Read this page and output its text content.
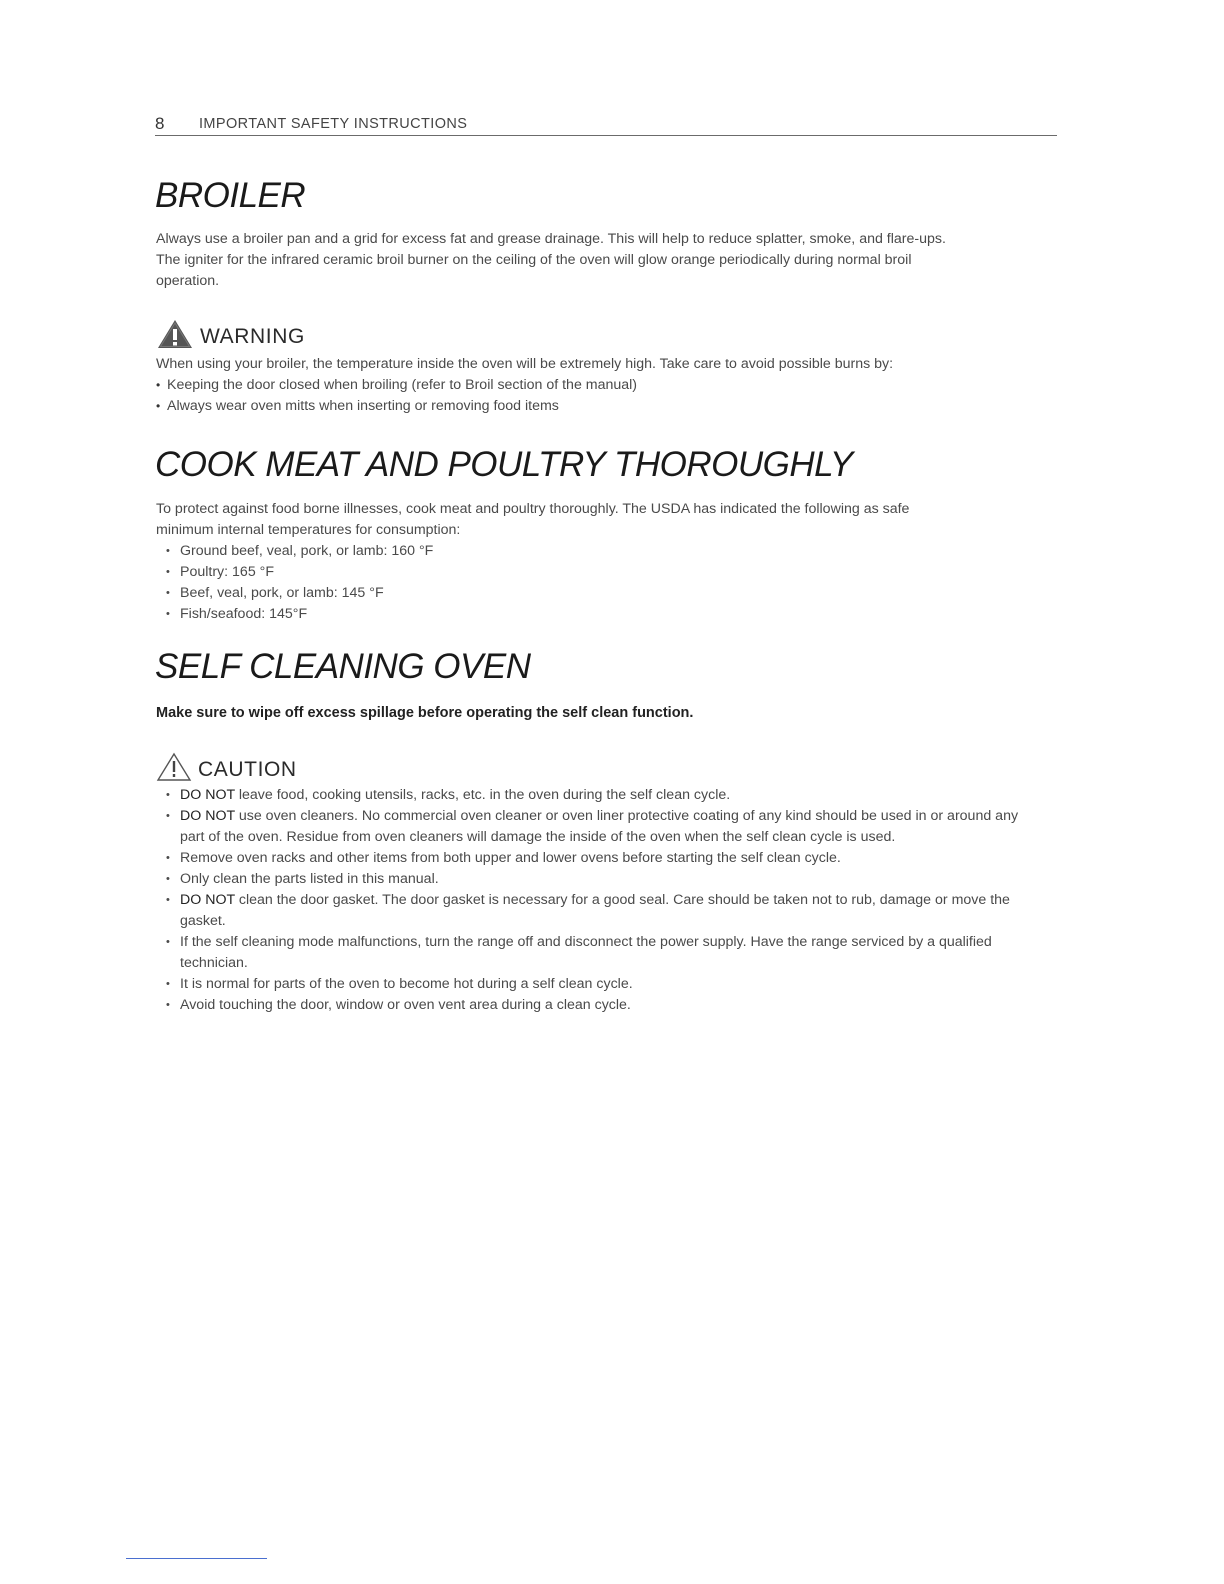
8 IMPORTANT SAFETY INSTRUCTIONS
BROILER
Always use a broiler pan and a grid for excess fat and grease drainage. This will help to reduce splatter, smoke, and flare-ups.
The igniter for the infrared ceramic broil burner on the ceiling of the oven will glow orange periodically during normal broil
operation.
WARNING
When using your broiler, the temperature inside the oven will be extremely high. Take care to avoid possible burns by:
• Keeping the door closed when broiling (refer to Broil section of the manual)
• Always wear oven mitts when inserting or removing food items
COOK MEAT AND POULTRY THOROUGHLY
To protect against food borne illnesses, cook meat and poultry thoroughly. The USDA has indicated the following as safe
minimum internal temperatures for consumption:
• Ground beef, veal, pork, or lamb: 160 °F
• Poultry: 165 °F
• Beef, veal, pork, or lamb: 145 °F
• Fish/seafood: 145°F
SELF CLEANING OVEN
Make sure to wipe off excess spillage before operating the self clean function.
CAUTION
• DO NOT leave food, cooking utensils, racks, etc. in the oven during the self clean cycle.
• DO NOT use oven cleaners. No commercial oven cleaner or oven liner protective coating of any kind should be used in or around any part of the oven. Residue from oven cleaners will damage the inside of the oven when the self clean cycle is used.
• Remove oven racks and other items from both upper and lower ovens before starting the self clean cycle.
• Only clean the parts listed in this manual.
• DO NOT clean the door gasket. The door gasket is necessary for a good seal. Care should be taken not to rub, damage or move the gasket.
• If the self cleaning mode malfunctions, turn the range off and disconnect the power supply. Have the range serviced by a qualified technician.
• It is normal for parts of the oven to become hot during a self clean cycle.
• Avoid touching the door, window or oven vent area during a clean cycle.
